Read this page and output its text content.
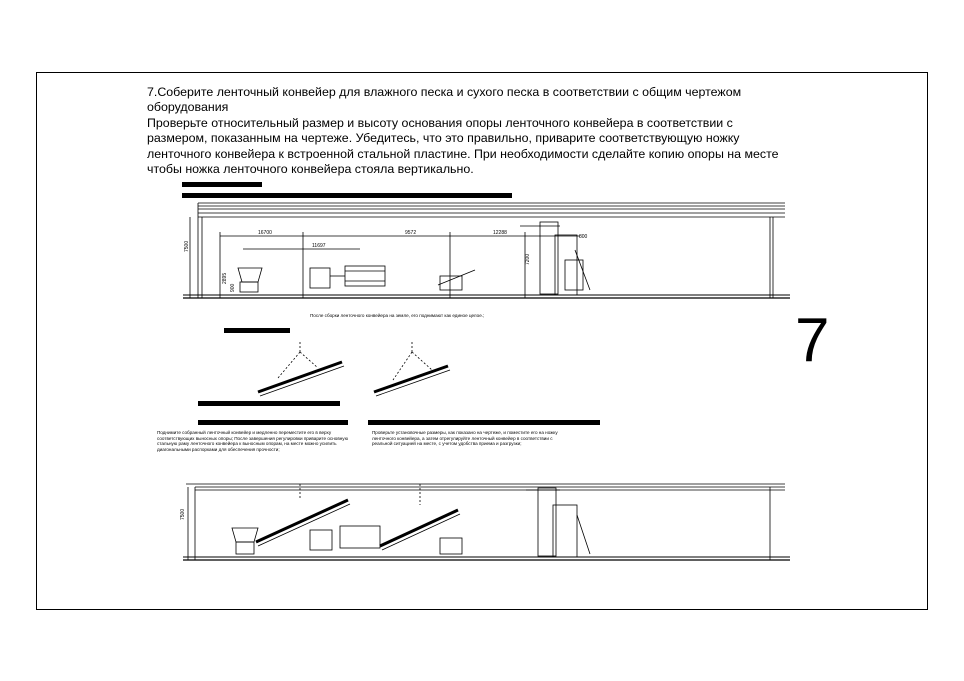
7.Соберите ленточный конвейер для влажного песка и сухого песка в соответствии с общим чертежом оборудования

Проверьте относительный размер и высоту основания опоры ленточного конвейера в соответствии с размером, показанным на чертеже. Убедитесь, что это правильно, приварите соответствующую ножку ленточного конвейера к встроенной стальной пластине. При необходимости сделайте копию опоры на месте чтобы ножка ленточного конвейера стояла вертикально.

7
16700	9572	12288
11697
800
7500
7200
2895
900
7500
После сборки ленточного конвейера на земле, его поднимают как единое целое.;
Поднимите собранный ленточный конвейер и медленно переместите его в верху соответствующих выносных опоры; После завершения регулировки приварите основную стальную раму ленточного конвейера к выносным опорам, на месте можно усилить диагональными распорками для обеспечения прочности;
Проверьте установочные размеры, как показано на чертеже, и поместите его на ножку ленточного конвейера, а затем отрегулируйте ленточный конвейер в соответствии с реальной ситуацией на месте, с учетом удобства приема и разгрузки;
